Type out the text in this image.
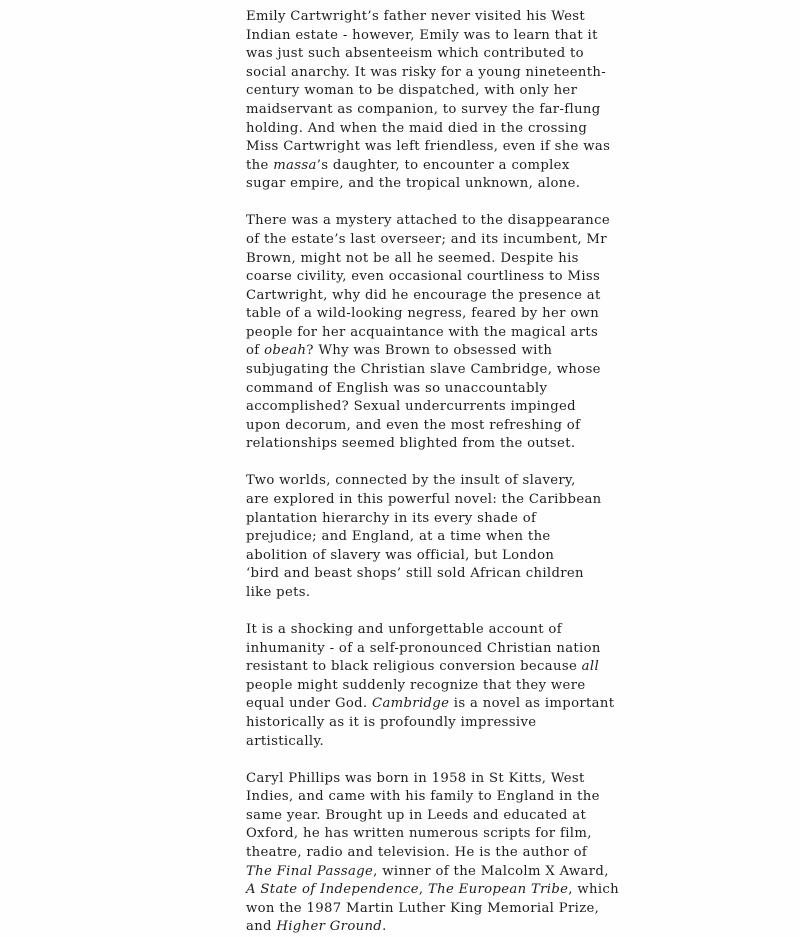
Emily Cartwright’s father never visited his West
Indian estate - however, Emily was to learn that it
was just such absenteeism which contributed to
social anarchy. It was risky for a young nineteenth-
century woman to be dispatched, with only her
maidservant as companion, to survey the far-flung
holding. And when the maid died in the crossing
Miss Cartwright was left friendless, even if she was
the massa’s daughter, to encounter a complex
sugar empire, and the tropical unknown, alone.

There was a mystery attached to the disappearance
of the estate’s last overseer; and its incumbent, Mr
Brown, might not be all he seemed. Despite his
coarse civility, even occasional courtliness to Miss
Cartwright, why did he encourage the presence at
table of a wild-looking negress, feared by her own
people for her acquaintance with the magical arts
of obeah? Why was Brown to obsessed with
subjugating the Christian slave Cambridge, whose
command of English was so unaccountably
accomplished? Sexual undercurrents impinged
upon decorum, and even the most refreshing of
relationships seemed blighted from the outset.

Two worlds, connected by the insult of slavery,
are explored in this powerful novel: the Caribbean
plantation hierarchy in its every shade of
prejudice; and England, at a time when the
abolition of slavery was official, but London
‘bird and beast shops’ still sold African children
like pets.

It is a shocking and unforgettable account of
inhumanity - of a self-pronounced Christian nation
resistant to black religious conversion because all
people might suddenly recognize that they were
equal under God. Cambridge is a novel as important
historically as it is profoundly impressive
artistically.

Caryl Phillips was born in 1958 in St Kitts, West
Indies, and came with his family to England in the
same year. Brought up in Leeds and educated at
Oxford, he has written numerous scripts for film,
theatre, radio and television. He is the author of
The Final Passage, winner of the Malcolm X Award,
A State of Independence, The European Tribe, which
won the 1987 Martin Luther King Memorial Prize,
and Higher Ground.
